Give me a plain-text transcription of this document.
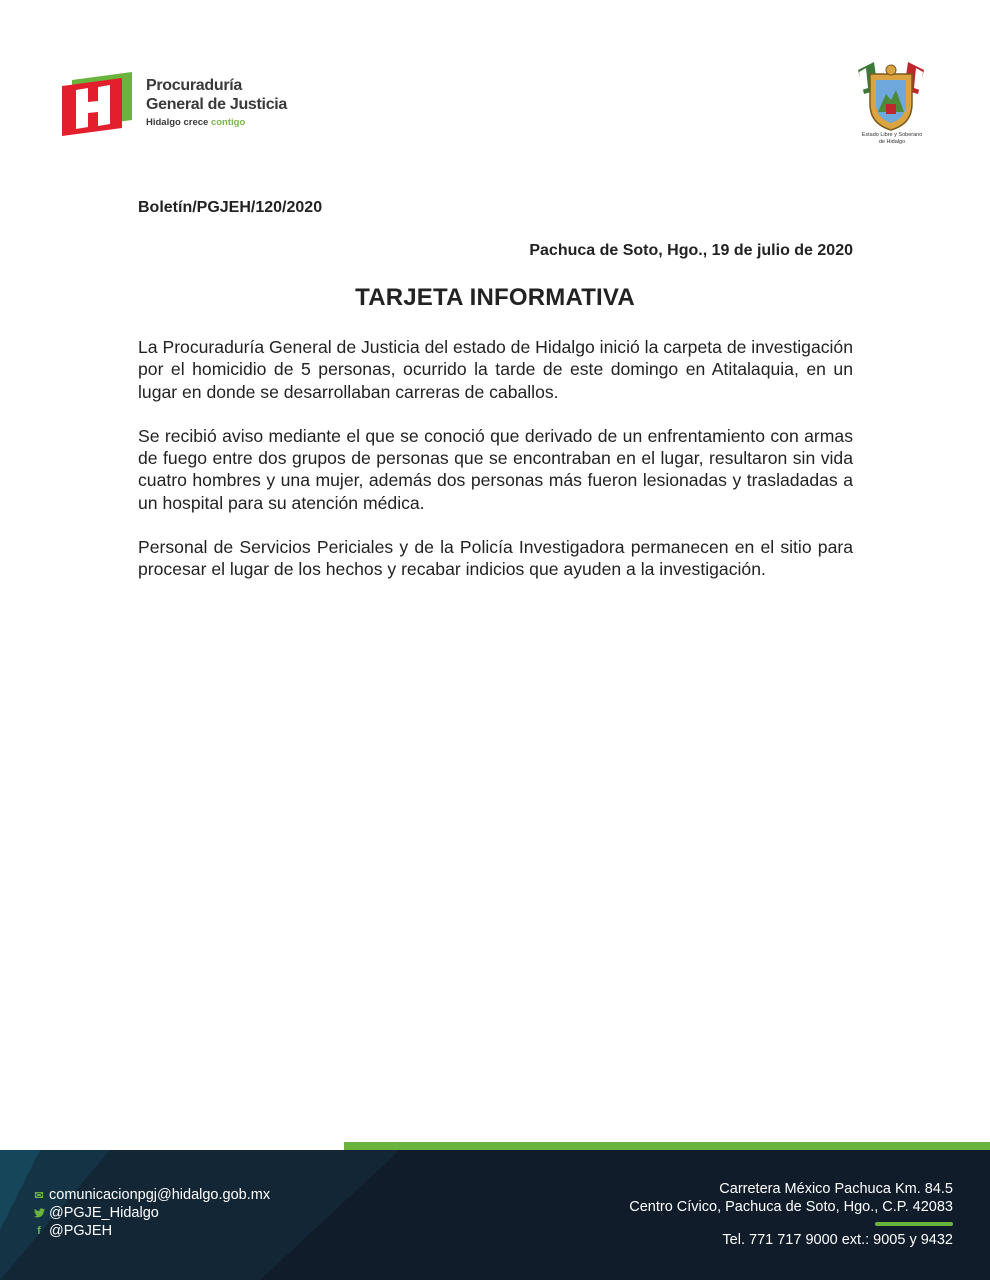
Procuraduría
General de Justicia
Hidalgo crece contigo
Estado Libre y Soberano
de Hidalgo
Boletín/PGJEH/120/2020
Pachuca de Soto, Hgo., 19 de julio de 2020
TARJETA INFORMATIVA

La Procuraduría General de Justicia del estado de Hidalgo inició la carpeta de investigación por el homicidio de 5 personas, ocurrido la tarde de este domingo en Atitalaquia, en un lugar en donde se desarrollaban carreras de caballos.

Se recibió aviso mediante el que se conoció que derivado de un enfrentamiento con armas de fuego entre dos grupos de personas que se encontraban en el lugar, resultaron sin vida cuatro hombres y una mujer, además dos personas más fueron lesionadas y trasladadas a un hospital para su atención médica.

Personal de Servicios Periciales y de la Policía Investigadora permanecen en el sitio para procesar el lugar de los hechos y recabar indicios que ayuden a la investigación.

✉ comunicacionpgj@hidalgo.gob.mx
@PGJE_Hidalgo
f @PGJEH
Carretera México Pachuca Km. 84.5
Centro Cívico, Pachuca de Soto, Hgo., C.P. 42083
Tel. 771 717 9000 ext.: 9005 y 9432
